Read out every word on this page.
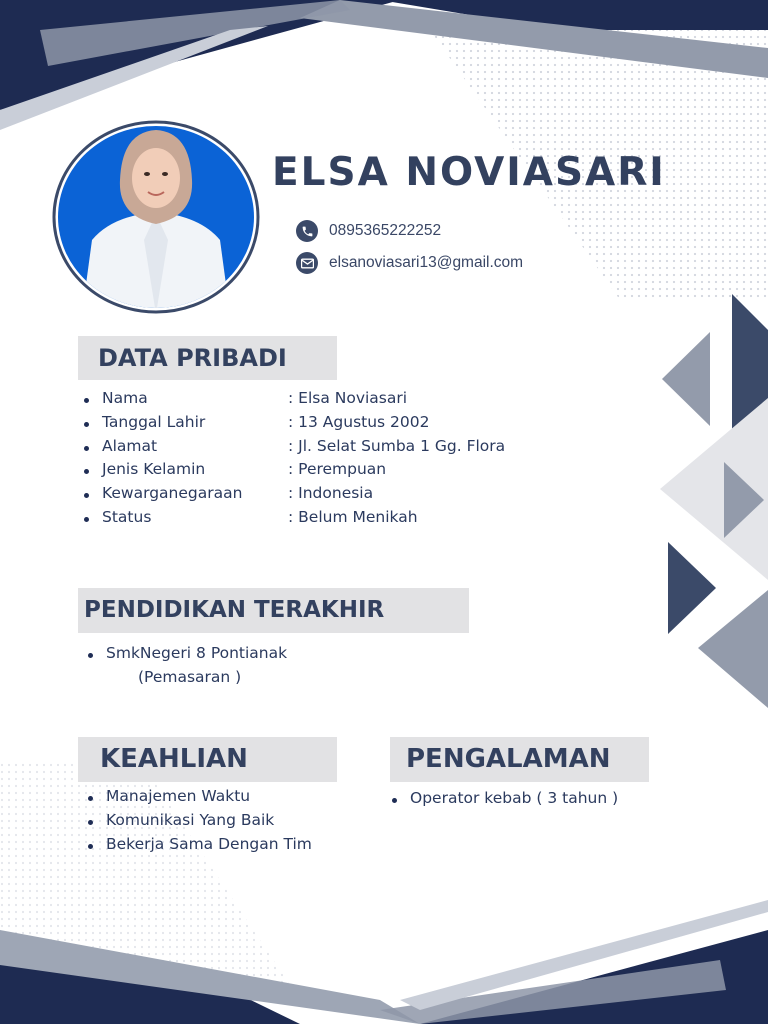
ELSA NOVIASARI
0895365222252
elsanoviasari13@gmail.com
DATA PRIBADI
Nama	: Elsa Noviasari
Tanggal Lahir	: 13 Agustus 2002
Alamat	: Jl. Selat Sumba 1 Gg. Flora
Jenis Kelamin	: Perempuan
Kewarganegaraan	: Indonesia
Status	: Belum Menikah
PENDIDIKAN TERAKHIR
SmkNegeri 8 Pontianak
(Pemasaran )
KEAHLIAN
Manajemen Waktu
Komunikasi Yang Baik
Bekerja Sama Dengan Tim
PENGALAMAN
Operator kebab ( 3 tahun )
